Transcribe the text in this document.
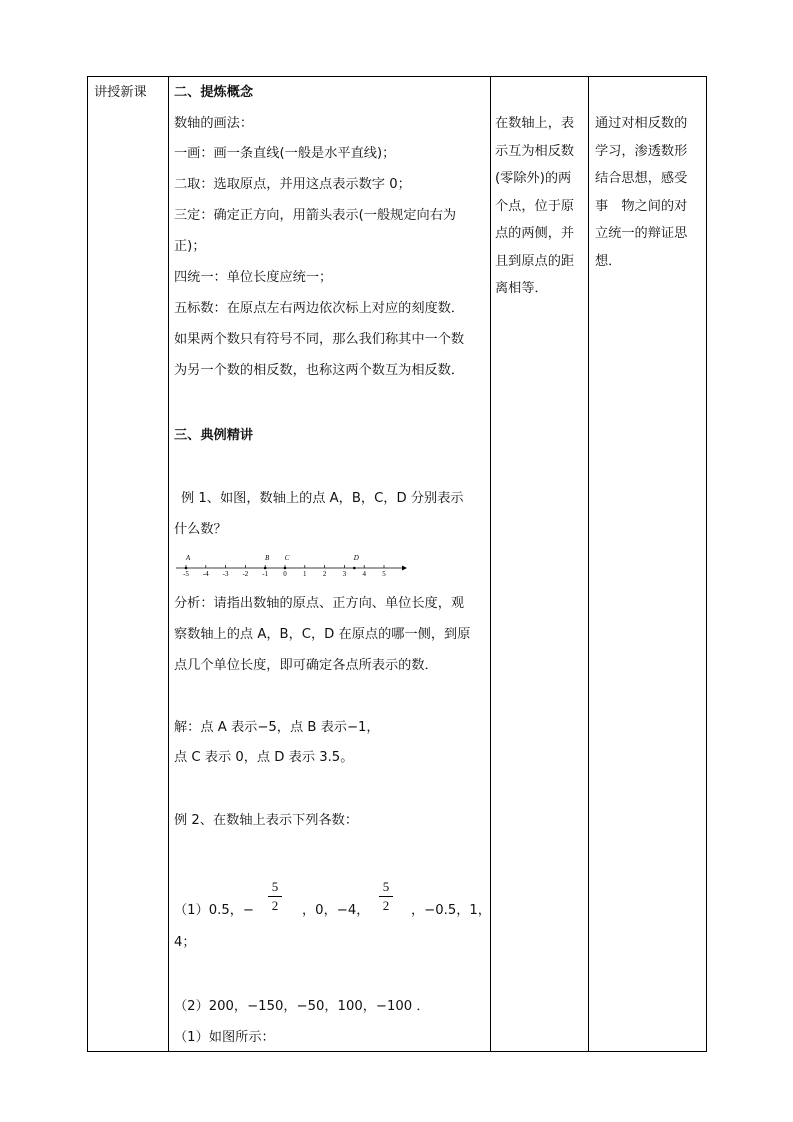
讲授新课 二、提炼概念
数轴的画法：
一画：画一条直线(一般是水平直线)；
二取：选取原点，并用这点表示数字 0；
三定：确定正方向，用箭头表示(一般规定向右为
正)；
四统一：单位长度应统一；
五标数：在原点左右两边依次标上对应的刻度数．
如果两个数只有符号不同，那么我们称其中一个数
为另一个数的相反数，也称这两个数互为相反数．
三、典例精讲
例 1、如图，数轴上的点 A，B，C，D 分别表示
什么数？
-5 -4 -3 -2 -1 0 1 2 3 4 5
A	B C	D
分析：请指出数轴的原点、正方向、单位长度，观
察数轴上的点 A，B，C，D 在原点的哪一侧，到原
点几个单位长度，即可确定各点所表示的数．
解：点 A 表示−5，点 B 表示−1，
点 C 表示 0，点 D 表示 3.5。
例 2、在数轴上表示下列各数：
（1）0.5，−
5
2 ，0，−4，
5
2 ，−0.5，1，
4；
（2）200，−150，−50，100，−100 ．
（1）如图所示：
在数轴上，表
示互为相反数
(零除外)的两
个点，位于原
点的两侧，并
且到原点的距
离相等．
通过对相反数的
学习，渗透数形
结合思想，感受
事　物之间的对
立统一的辩证思
想．
